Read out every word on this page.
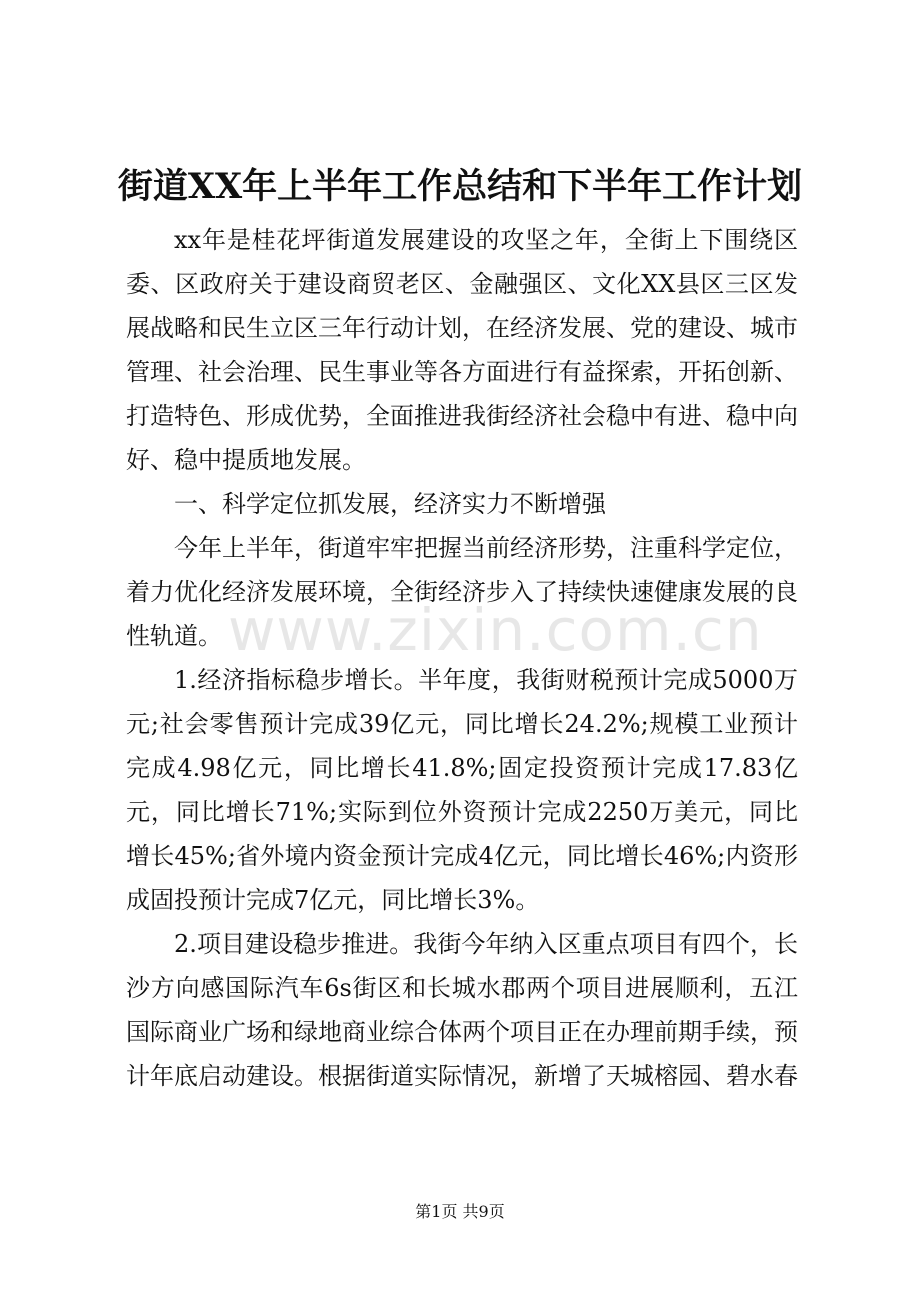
街道XX年上半年工作总结和下半年工作计划

xx年是桂花坪街道发展建设的攻坚之年，全街上下围绕区委、区政府关于建设商贸老区、金融强区、文化XX县区三区发展战略和民生立区三年行动计划，在经济发展、党的建设、城市管理、社会治理、民生事业等各方面进行有益探索，开拓创新、打造特色、形成优势，全面推进我街经济社会稳中有进、稳中向好、稳中提质地发展。

一、科学定位抓发展，经济实力不断增强

今年上半年，街道牢牢把握当前经济形势，注重科学定位，着力优化经济发展环境，全街经济步入了持续快速健康发展的良性轨道。

1.经济指标稳步增长。半年度，我街财税预计完成5000万元;社会零售预计完成39亿元，同比增长24.2%;规模工业预计完成4.98亿元，同比增长41.8%;固定投资预计完成17.83亿元，同比增长71%;实际到位外资预计完成2250万美元，同比增长45%;省外境内资金预计完成4亿元，同比增长46%;内资形成固投预计完成7亿元，同比增长3%。

2.项目建设稳步推进。我街今年纳入区重点项目有四个，长沙方向感国际汽车6s街区和长城水郡两个项目进展顺利，五江国际商业广场和绿地商业综合体两个项目正在办理前期手续，预计年底启动建设。根据街道实际情况，新增了天城榕园、碧水春

www.zixin.com.cn
第1页 共9页
